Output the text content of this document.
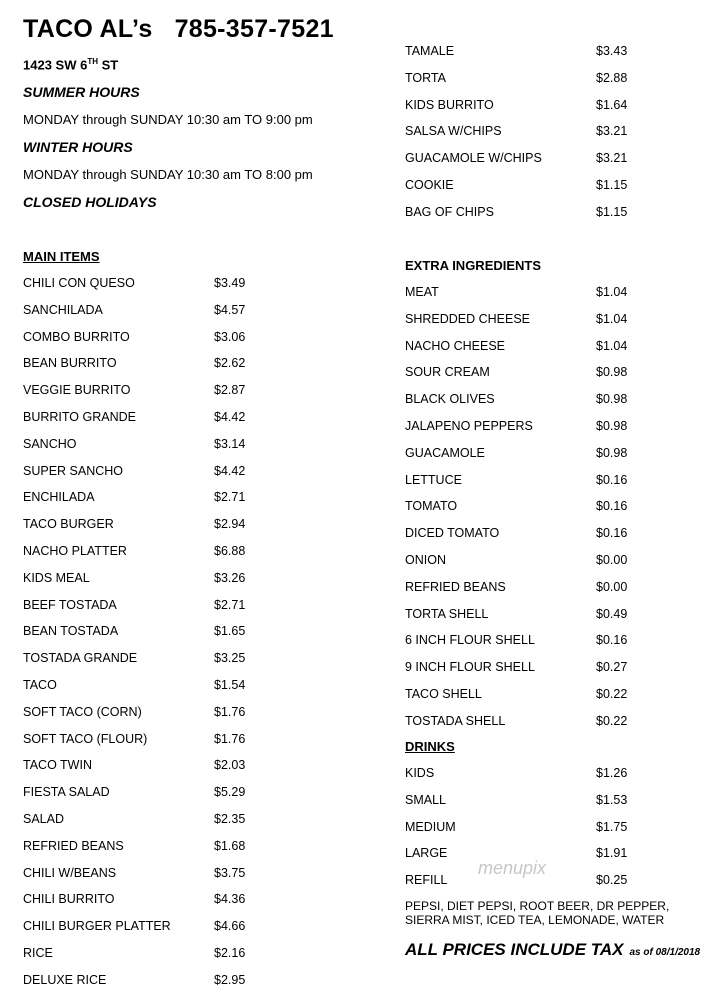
TACO AL’s 785-357-7521
1423 SW 6TH ST
SUMMER HOURS
MONDAY through SUNDAY 10:30 am TO 9:00 pm
WINTER HOURS
MONDAY through SUNDAY 10:30 am TO 8:00 pm
CLOSED HOLIDAYS
MAIN ITEMS
CHILI CON QUESO	$3.49
SANCHILADA	$4.57
COMBO BURRITO	$3.06
BEAN BURRITO	$2.62
VEGGIE BURRITO	$2.87
BURRITO GRANDE	$4.42
SANCHO	$3.14
SUPER SANCHO	$4.42
ENCHILADA	$2.71
TACO BURGER	$2.94
NACHO PLATTER	$6.88
KIDS MEAL	$3.26
BEEF TOSTADA	$2.71
BEAN TOSTADA	$1.65
TOSTADA GRANDE	$3.25
TACO	$1.54
SOFT TACO (CORN)	$1.76
SOFT TACO (FLOUR)	$1.76
TACO TWIN	$2.03
FIESTA SALAD	$5.29
SALAD	$2.35
REFRIED BEANS	$1.68
CHILI W/BEANS	$3.75
CHILI BURRITO	$4.36
CHILI BURGER PLATTER	$4.66
RICE	$2.16
DELUXE RICE	$2.95
TAMALE	$3.43
TORTA	$2.88
KIDS BURRITO	$1.64
SALSA W/CHIPS	$3.21
GUACAMOLE W/CHIPS	$3.21
COOKIE	$1.15
BAG OF CHIPS	$1.15
EXTRA INGREDIENTS
MEAT	$1.04
SHREDDED CHEESE	$1.04
NACHO CHEESE	$1.04
SOUR CREAM	$0.98
BLACK OLIVES	$0.98
JALAPENO PEPPERS	$0.98
GUACAMOLE	$0.98
LETTUCE	$0.16
TOMATO	$0.16
DICED TOMATO	$0.16
ONION	$0.00
REFRIED BEANS	$0.00
TORTA SHELL	$0.49
6 INCH FLOUR SHELL	$0.16
9 INCH FLOUR SHELL	$0.27
TACO SHELL	$0.22
TOSTADA SHELL	$0.22
DRINKS
KIDS	$1.26
SMALL	$1.53
MEDIUM	$1.75
LARGE	$1.91
REFILL	$0.25
PEPSI, DIET PEPSI, ROOT BEER, DR PEPPER, SIERRA MIST, ICED TEA, LEMONADE, WATER
menupix
ALL PRICES INCLUDE TAX as of 08/1/2018
